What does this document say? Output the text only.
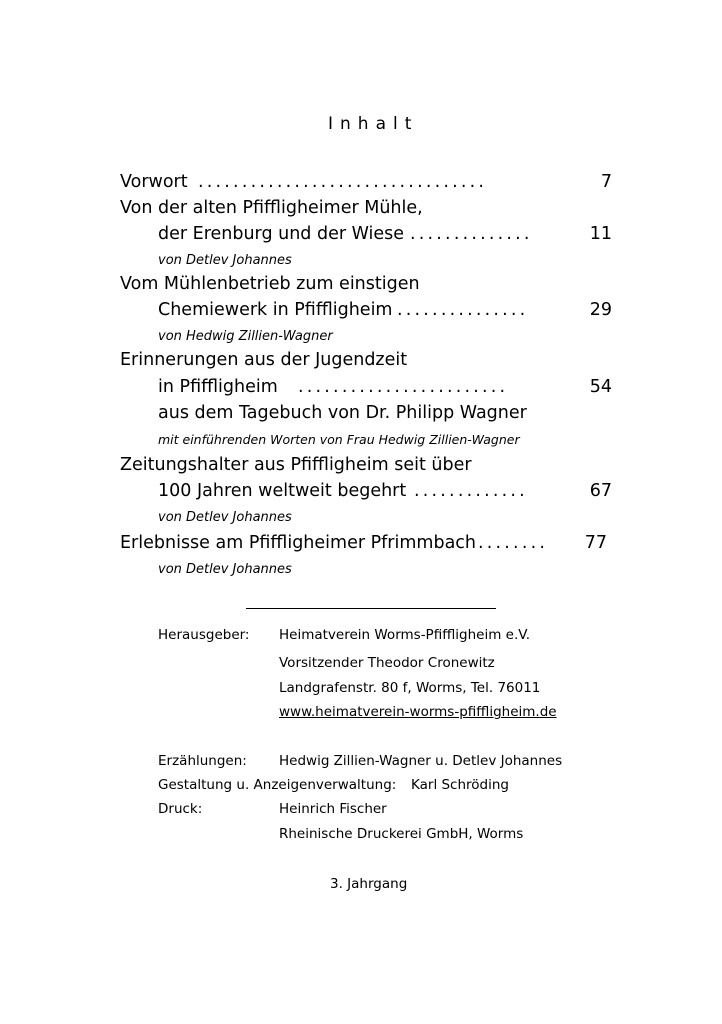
Inhalt
Vorwort .................................	7
Von der alten Pfiffligheimer Mühle,
der Erenburg und der Wiese ..............	11
von Detlev Johannes
Vom Mühlenbetrieb zum einstigen
Chemiewerk in Pfiffligheim ...............	29
von Hedwig Zillien-Wagner
Erinnerungen aus der Jugendzeit
in Pfiffligheim ........................	54
aus dem Tagebuch von Dr. Philipp Wagner
mit einführenden Worten von Frau Hedwig Zillien-Wagner
Zeitungshalter aus Pfiffligheim seit über
100 Jahren weltweit begehrt .............	67
von Detlev Johannes
Erlebnisse am Pfiffligheimer Pfrimmbach ........	77
von Detlev Johannes
Herausgeber: Heimatverein Worms-Pfiffligheim e.V.
Vorsitzender Theodor Cronewitz
Landgrafenstr. 80 f, Worms, Tel. 76011
www.heimatverein-worms-pfiffligheim.de
Erzählungen: Hedwig Zillien-Wagner u. Detlev Johannes
Gestaltung u. Anzeigenverwaltung: Karl Schröding
Druck:	Heinrich Fischer
Rheinische Druckerei GmbH, Worms
3. Jahrgang
